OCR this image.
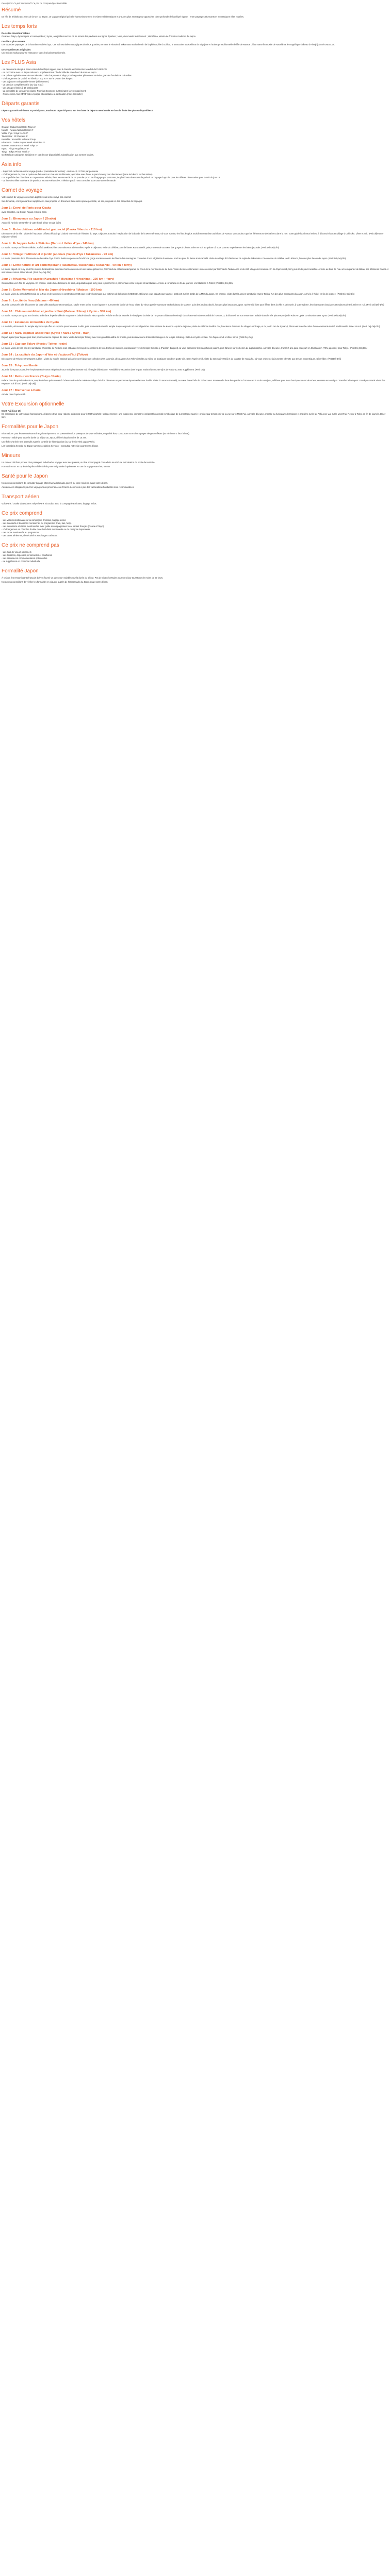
Description: Ce prix comprend / Ce prix ne comprend pas Formalités

Résumé

De l'île de Shikoku aux rives de la Mer du Japon, ce voyage original qui relie harmonieusement les sites emblématiques et d'autres plus secrets pour approcher l'âme profonde de l'archipel nippon : entre paysages étonnants et monastiques villes musées.

Les temps forts
Des sites incontournables

Osaka et Tokyo, dynamiques et cosmopolites ; Kyoto, aux jardins secrets où se mirent des pavillons aux lignes épurées ; Nara, cité-musée à ciel ouvert ; Hiroshima, témoin de l'histoire moderne du Japon.

Des lieux plus secrets

Les superbes paysages de la luxuriante vallée d'Iya ; Les Sainteuniales nostalgiques du vieux quartier prennent le Ritsurin à Takamatsu et du chemin de la philosophie d'Uchiko ; le sanctuaire Itsukushima de Miyajima et l'auberge traditionnelle de l'île de Matsue ; l'étonnante fin musée de Naoshima, le magnifique château d'Himeji (classé UNESCO).

Des expériences originales

Une nuit en ryokan pour se ressourcer dans les bains traditionnels.

Les PLUS Asia
- La découverte des plus beaux sites de l'archipel nippon, dont 6 classés au Patrimoine Mondial de l'UNESCO
- La rencontre avec un Japon méconnu et préservé sur l'île de Shikoku et en bord de mer au Japon
- Le rythme agréable avec des escales de 3 nuits à Kyoto et à Tokyo pour l'organiser pleinement et visiter grandes fondations culturelles
- L'hébergement de qualité en hôtels 3* sup et 4* sur le ryokan des étapes
- Les trajets en train grande vitesse (Shinkansen)
- Le pension complète tout le jour (J2 et 13)
- Les groupes limités à 18 participants
- La possibilité de voyager en classe Premium Economy sur Emirates (avec supplément)
- Nos services Asia 24/24 vidéo voyagez et assistance à destination (nous consulter)
Départs garantis

Départs garantis minimum 10 participants, maximum 18 participants, sur les dates de départs mentionnés et dans la limite des places disponibles !

Vos hôtels
Osaka : Osaka Excel Hotel Tokyu 4*
Naruto : Awawa Naruto Resort 4*
Vallée d'Iya : Hiiya No Yu 3*
Takamatsu : JR Clement 4*
Kurashiki : Kurashiki Kokusai 3*sup
Hiroshima : Daiwa Roynet Hotel Hiroshima 3*
Matsue : Matsue Excel Hotel Tokyu 3*
Kyoto : Rihga Royal Hotel 4*
Tokyo : Tokyu Prince Hotel 4*
Ou hôtels de catégories similaires en cas de non-disponibilité. Classification aux normes locales.
Asia info
- Supprimé cachés de votre voyage (total et prestations terrestres) : environ 4,5 t CO2e par personne
- L'hébergement du pour le ryokan se fait avant un chauvre traditionnels japonaise avec futon, le parcé vous y met directement (sans incidence sur les visites).
- La superficie des chambres au Japon étant réduite, il est recommandé de ne prendre qu'un seul bagage par personne, de plus il est nécessaire de prévoir un bagage d'appoint pour les affaires nécessaires pour la nuit du jour 12.
- La liste des villes et départs de province est non-exhaustive, n'hésitez pas à nous consulter pour toute autre demande.
Carnet de voyage

Votre carnet de voyage en version digitale vous sera envoyé par courriel

Sur demande, et moyennant un supplément, Asia propose un document édité ainsi qu'une pochette, un sac, un guide et des étiquettes de bagages.

Jour 1 : Envol de Paris pour Osaka

avec Emirates, via Dubaï. Repas et nuit à bord.

Jour 2 : Bienvenue au Japon ! (Osaka)

Accueil à l'arrivée et transfert à votre hôtel. Dîner et nuit. (Dîn)

Jour 3 : Entre château médiéval et gratte-ciel (Osaka / Naruto - 110 km)

Découverte de la ville : visite de l'imposant château féodal qui d'abord entre voit de l'histoire du pays. Déjeuner. Ensuite, l'exploration de la bande de la Mer Intérieure, où vous admirez les flots les plus tourbillonnants des tourbillons de Naruto. Vous croirez que les éléments se déchaînent dans la mer. Votre guide local vous invitera à découvrir l'ancien village d'Uchinoko. Dîner et nuit. (Petit déjeuner-Déjeuner-Dîner)

Jour 4 : Échappée belle à Shikoku (Naruto / Vallée d'Iya - 140 km)

Le matin, route pour l'île de Shikoku. Arrêt à Wakimachi et ses maisons traditionnelles. Après le déjeuner, visite du célèbre pont de lianes Kazurabashi, puis promenade au cœur des gorges d'Oboke. Dîner et nuit au ryokan où vous pourrez expérimenter les bains japonais. (Petit Déj-Déj-Dîn)

Jour 5 : Village traditionnel et jardin japonais (Vallée d'Iya / Takamatsu - 90 km)

Le matin, poursuite de la découverte de la vallée d'Iya dont le rivière serpente au fond d'une gorge encaissée entre les flancs des montagnes couvertes d'une végétation luxuriante. Arrêt au pont de lianes Kazurabashi. Visite du village d'Ochiai avant de rejoindre Takamatsu. Découverte du célèbre jardin Ritsurin, l'un des plus beaux du Japon. (Petit Déj-Déj-Dîn)

Jour 6 : Entre nature et art contemporain (Takamatsu / Naoshima / Kurashiki - 40 km + ferry)

Le matin, départ en ferry pour l'île-musée de Naoshima qui marie harmonieusement une nature préservée, l'architecture et l'art contemporain au cœur de la mer Intérieure de Seto. Visite du musée Benesse House dessiné par l'architecte Tadao Ando et du Jizô village de Honmura. En fin d'après-midi, ferry puis route pour Kurashiki. Arrivée au bord de l'eau et ses quartier de Bikan, ses bâtiments blancs et ses toitures noires. Dîner et nuit. (Petit Déj-Déj-Dîn)

Jour 7 : Miyajima, l'île sacrée (Kurashiki / Miyajima / Hiroshima - 220 km + ferry)

Continuation vers l'île de Miyajima. En chemin, visite d'une brasserie de saké, dégustation puis ferry pour rejoindre l'île et promenade entre temples et sanctuaires. Arrivée à Hiroshima en fin de journée et installation à l'hôtel. (Petit Déj-Déj-Dîn)

Jour 8 : Entre Mémorial et Mer du Japon (Hiroshima / Matsue - 190 km)

Le matin, visite du parc du Mémorial de la Paix et de son musée construit en 1960 pour rendre hommage aux victimes de la bombe (UNESCO). Déjeuner, puis départ pour Matsue, petit port sur les bords de la Mer du Japon. En chemin, visite du très ancien sanctuaire Izumo Taisha, l'un des plus importants du Japon. Arrivée à l'hôtel en fin de journée. (Petit Déj-Déj-Dîn)

Jour 9 : La cité de l'eau (Matsue - 40 km)

Journée consacrée à la découverte de cette ville attachante et romantique, située entre un lac et une lagune et surnommée la cité de l'eau. Visite du vieux quartier samouraï et du château de Matsue, puis des jardins Adachi, l'un des plus beaux du Japon. Après-midi libre pour flâner dans la ville et découvrir, à votre rythme, les charmantes boutiques et maisons de thé. Dîner et nuit. (Petit Déj-Déj-Dîn)

Jour 10 : Château médiéval et jardin raffiné (Matsue / Himeji / Kyoto - 350 km)

Le matin, route pour Kyoto. En chemin, arrêt dans le petite ville de Tsuyama et balade dans le vieux quartier. Arrivée en fin de journée à Himeji pour la visite de l'imposant château de Himeji, classé au Patrimoine Mondial de l'UNESCO, à découvrir en son ensemble. Balade dans le très pittoresque jardin Koko-en, puis continuation vers Kyoto. (Petit Déj-Déj-Dîn)

Jour 11 : Estampes immuables de Kyoto

La matinée, découverte du temple Kiyomizu qui offre un superbe panorama sur la ville, puis promenade dans le temple Sanjusangendo où sont alignés les 1001 statues de Kannon. Après le déjeuner, visite du célèbre Pavillon d'or, l'ancienne demeure du shogun Ashikaga, et du jardin zen de Ryoan-ji, découvert dans le cadre d'une cérémonie du thé traditionnelle. Dîner et nuit. (Petit Déj-Déj-Dîn)

Jour 12 : Nara, capitale ancestrale (Kyoto / Nara / Kyoto - train)

Départ à pied pour la gare puis train pour l'ancienne capitale de Nara. Visite du temple Todai-ji avec son grand Bouddha de bronze, puis du sanctuaire shintoïste Kasuga et du temple Kofuku-ji. Retour à Kyoto en train. Fin d'après-midi et dîner libres. (Petit Déj-Déj)

Jour 13 : Cap sur Tokyo (Kyoto / Tokyo - train)

Le matin, visite de très célèbre sanctuaire shintoïste de Fushimi Inari et balade le long de ses milliers de torii. En fin de matinée, continuation vers le temple Ginkaku-ji (Pavillon d'argent) où vous admirerez les magnifiques jardins, puis flânerie sur le chemin de la philosophie. Après le déjeuner, transfert à la gare et départ en Shinkansen (TGV japonais) pour Tokyo. (Petit Déj-Déj-Dîn)

Jour 14 : La capitale du Japon d'hier et d'aujourd'hui (Tokyo)

Découverte de Tokyo en transports publics : visite du musée national qui abrite une fabuleuse collection d'art japonais, découverte d'un Tokyo insolite au milieu de boutiques trendy et gratte-ciel. Dans l'après-midi, visite du sanctuaire Meiji et du quartier de Harajuku, où vous croiserez la jeunesse tokyoïte aux tenues excentriques. Dîner libre. (Petit Déj-Déj)

Jour 15 : Tokyo en liberté

Journée libre pour poursuivre l'exploration de cette mégalopole aux multiples facettes et à l'énergie débordante. Possibilité d'excursion dans le parc national du mont Fuji et de Hakone, avec supplément. (Petit Déj)

Jour 16 : Retour en France (Tokyo / Paris)

Balade dans le quartier de Ginza, temple du luxe puis montée à l'observatoire de la mairie de Tokyo d'où l'on découvre un panorama époustouflant sur la ville. Visite du sanctuaire Meiji, au cœur d'une forêt de 70 hectares. Promenade dans les quartiers d'Omotesando et de Harajuku, célèbres pour leurs boutiques de mode et leur jeunesse excentrique. Transfert à l'aéroport. Envol pour Paris via Dubaï. Repas et nuit à bord. (Petit Déj-Déj)

Jour 17 : Bienvenue à Paris

Arrivée dans l'après-midi.

Votre Excursion optionnelle
Mont Fuji (jour 15)

En compagnie de votre guide francophone, départ en train pour Hakone puis route pour le Mt Fuji World Heritage Center : une expérience immersive intégrant l'ensemble symbolique de la montagne sacrée ; profitez par temps clair de la vue sur le Mont Fuji. Après le déjeuner, montée au funiculaire de Hakone et croisière sur le lac Ashi avec vue sur le Mont Fuji. Retour à Tokyo en fin de journée. Dîner libre.

Formalités pour le Japon

Informations pour les ressortissants français uniquement, en possession d'un passeport de type ordinaire, en parfait état, comportant au moins 4 pages vierges suffisant (au minimum 2 face à face).

Passeport valide pour toute la durée du séjour au Japon, délivré depuis moins de 10 ans.

Une fiche d'arrivée est à remplir avant le contrôle de l'immigration (ou sur le site Visit Japan Web).

Les formalités d'entrée au Japon sont susceptibles d'évoluer ; consultez notre site avant votre départ.

Mineurs

Un mineur doit être porteur d'un passeport individuel et voyager avec ses parents, ou être accompagné d'un adulte muni d'une autorisation de sortie de territoire.

Formulaire AST et copie de la pièce d'identité du parent signataire à présenter en cas de voyage sans les parents.

Santé pour le Japon

Nous vous conseillons de consulter la page https://www.diplomatie.gouv.fr ou votre médecin avant votre départ.

Aucun vaccin obligatoire pour les voyageurs en provenance de France. Les mises à jour des vaccinations habituelles sont recommandées.

Transport aérien

Vols Paris / Osaka via Dubaï et Tokyo / Paris via Dubaï avec la compagnie Emirates, bagage inclus.

Ce prix comprend
- Les vols internationaux sur la compagnie Emirates, bagage inclus
- Les transferts et transports mentionnés au programme (train, bus, ferry)
- Les excursions et visites mentionnées avec guide accompagnateur local parlant français (Osaka à Tokyo)
- L'hébergement en chambre double dans les hôtels mentionnés ou de catégorie équivalente
- Les repas mentionnés au programme
- Les taxes aériennes, de sécurité et surcharges carburant
Ce prix ne comprend pas
- Les frais de visa et optionnels
- Les boissons, dépenses personnelles et pourboires
- Les assurances complémentaires optionnelles
- Le supplément en chambre individuelle
Formalité Japon

À ce jour, les ressortissants français doivent fournir un passeport valable pour la durée du séjour. Pas de visa nécessaire pour un séjour touristique de moins de 90 jours.

Nous vous conseillons de vérifier les formalités en vigueur auprès de l'ambassade du Japon avant votre départ.
